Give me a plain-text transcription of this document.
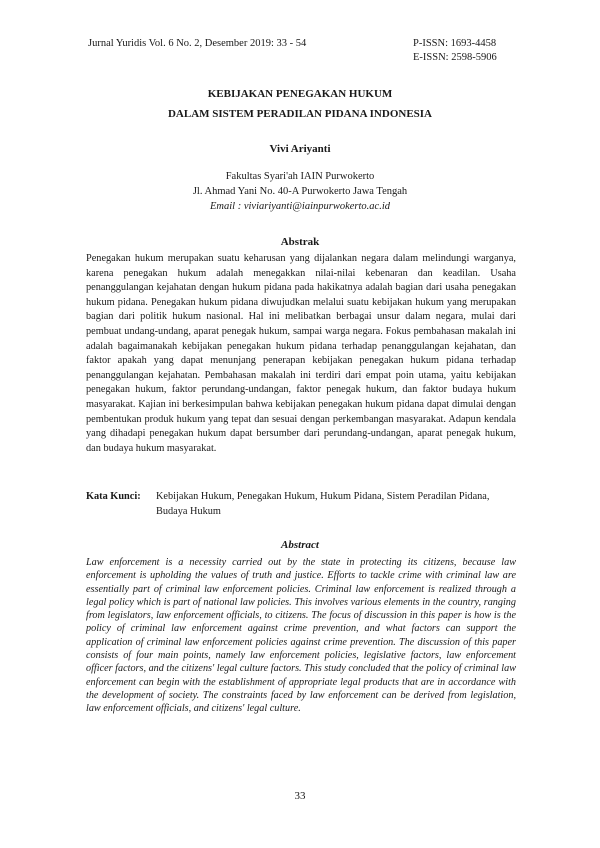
Jurnal Yuridis Vol. 6 No. 2, Desember 2019: 33 - 54	P-ISSN: 1693-4458
E-ISSN: 2598-5906
KEBIJAKAN PENEGAKAN HUKUM
DALAM SISTEM PERADILAN PIDANA INDONESIA
Vivi Ariyanti
Fakultas Syari'ah IAIN Purwokerto
Jl. Ahmad Yani No. 40-A Purwokerto Jawa Tengah
Email : viviariyanti@iainpurwokerto.ac.id
Abstrak
Penegakan hukum merupakan suatu keharusan yang dijalankan negara dalam melindungi warganya, karena penegakan hukum adalah menegakkan nilai-nilai kebenaran dan keadilan. Usaha penanggulangan kejahatan dengan hukum pidana pada hakikatnya adalah bagian dari usaha penegakan hukum pidana. Penegakan hukum pidana diwujudkan melalui suatu kebijakan hukum yang merupakan bagian dari politik hukum nasional. Hal ini melibatkan berbagai unsur dalam negara, mulai dari pembuat undang-undang, aparat penegak hukum, sampai warga negara. Fokus pembahasan makalah ini adalah bagaimanakah kebijakan penegakan hukum pidana terhadap penanggulangan kejahatan, dan faktor apakah yang dapat menunjang penerapan kebijakan penegakan hukum pidana terhadap penanggulangan kejahatan. Pembahasan makalah ini terdiri dari empat poin utama, yaitu kebijakan penegakan hukum, faktor perundang-undangan, faktor penegak hukum, dan faktor budaya hukum masyarakat. Kajian ini berkesimpulan bahwa kebijakan penegakan hukum pidana dapat dimulai dengan pembentukan produk hukum yang tepat dan sesuai dengan perkembangan masyarakat. Adapun kendala yang dihadapi penegakan hukum dapat bersumber dari perundang-undangan, aparat penegak hukum, dan budaya hukum masyarakat.
Kata Kunci: Kebijakan Hukum, Penegakan Hukum, Hukum Pidana, Sistem Peradilan Pidana, Budaya Hukum
Abstract
Law enforcement is a necessity carried out by the state in protecting its citizens, because law enforcement is upholding the values of truth and justice. Efforts to tackle crime with criminal law are essentially part of criminal law enforcement policies. Criminal law enforcement is realized through a legal policy which is part of national law policies. This involves various elements in the country, ranging from legislators, law enforcement officials, to citizens. The focus of discussion in this paper is how is the policy of criminal law enforcement against crime prevention, and what factors can support the application of criminal law enforcement policies against crime prevention. The discussion of this paper consists of four main points, namely law enforcement policies, legislative factors, law enforcement officer factors, and the citizens' legal culture factors. This study concluded that the policy of criminal law enforcement can begin with the establishment of appropriate legal products that are in accordance with the development of society. The constraints faced by law enforcement can be derived from legislation, law enforcement officials, and citizens' legal culture.
33
